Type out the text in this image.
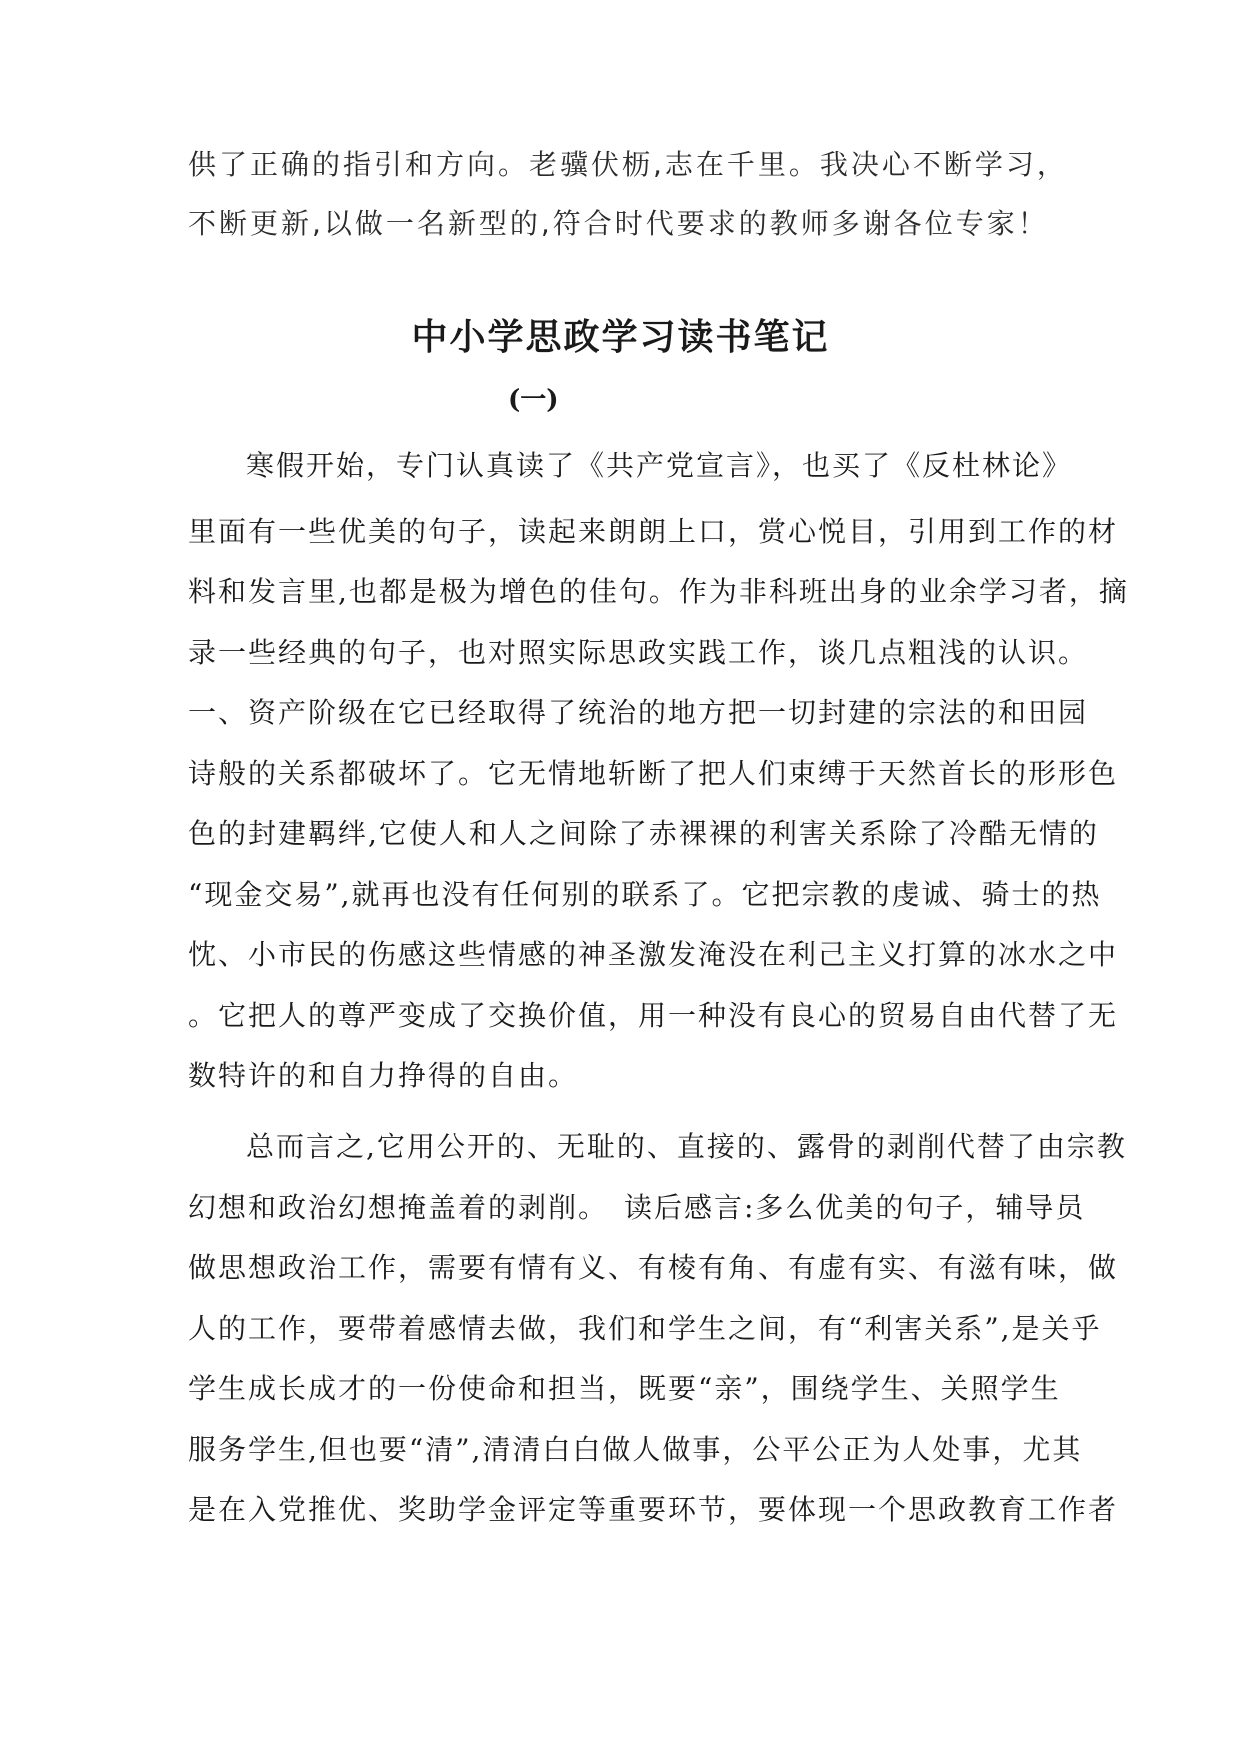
供了正确的指引和方向。老骥伏枥,志在千里。我决心不断学习，
不断更新,以做一名新型的,符合时代要求的教师多谢各位专家！
中小学思政学习读书笔记
(一)
寒假开始，专门认真读了《共产党宣言》，也买了《反杜林论》
里面有一些优美的句子，读起来朗朗上口，赏心悦目，引用到工作的材
料和发言里,也都是极为增色的佳句。作为非科班出身的业余学习者，摘
录一些经典的句子，也对照实际思政实践工作，谈几点粗浅的认识。
一、资产阶级在它已经取得了统治的地方把一切封建的宗法的和田园
诗般的关系都破坏了。它无情地斩断了把人们束缚于天然首长的形形色
色的封建羁绊,它使人和人之间除了赤裸裸的利害关系除了冷酷无情的
“现金交易”,就再也没有任何别的联系了。它把宗教的虔诚、骑士的热
忱、小市民的伤感这些情感的神圣激发淹没在利己主义打算的冰水之中
。它把人的尊严变成了交换价值，用一种没有良心的贸易自由代替了无
数特许的和自力挣得的自由。
总而言之,它用公开的、无耻的、直接的、露骨的剥削代替了由宗教
幻想和政治幻想掩盖着的剥削。　读后感言:多么优美的句子，辅导员
做思想政治工作，需要有情有义、有棱有角、有虚有实、有滋有味，做
人的工作，要带着感情去做，我们和学生之间，有“利害关系”,是关乎
学生成长成才的一份使命和担当，既要“亲”，围绕学生、关照学生
服务学生,但也要“清”,清清白白做人做事，公平公正为人处事，尤其
是在入党推优、奖助学金评定等重要环节，要体现一个思政教育工作者
